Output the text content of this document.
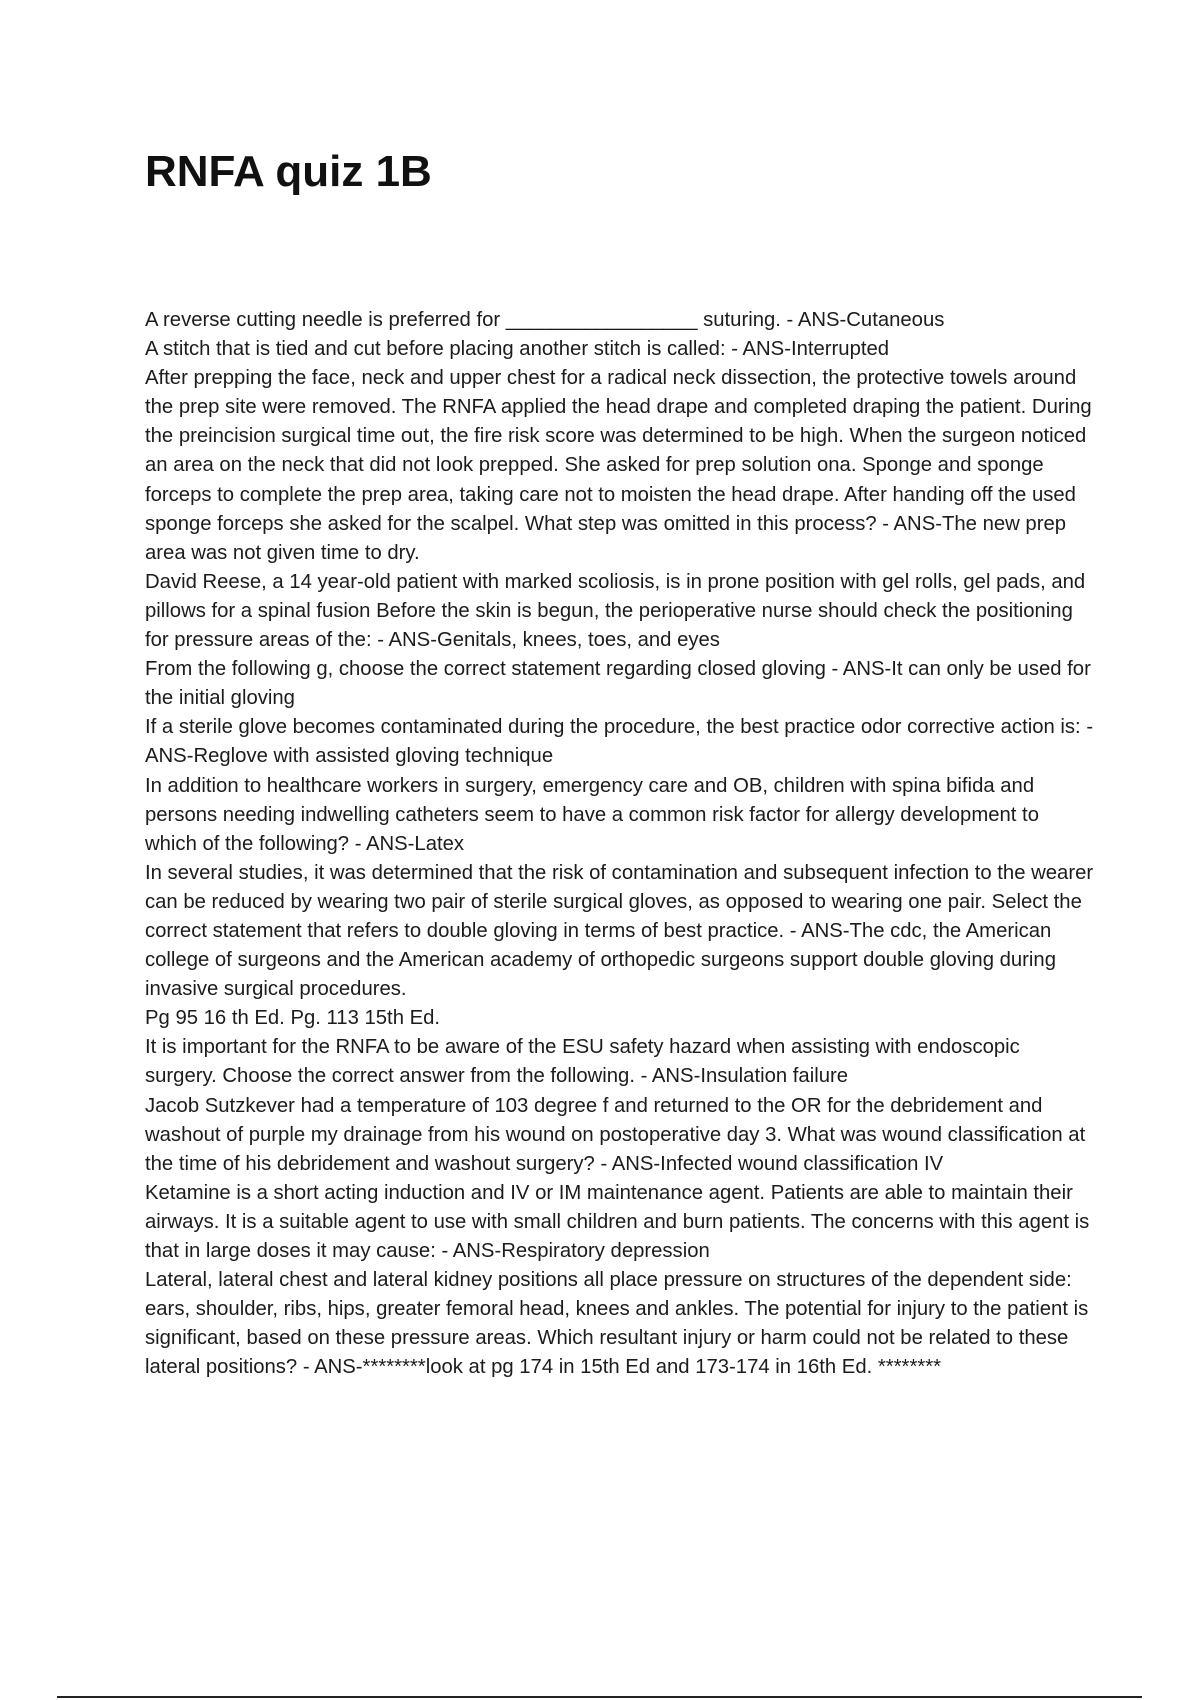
RNFA quiz 1B

A reverse cutting needle is preferred for _________________ suturing. - ANS-Cutaneous

A stitch that is tied and cut before placing another stitch is called: - ANS-Interrupted

After prepping the face, neck and upper chest for a radical neck dissection, the protective towels around the prep site were removed. The RNFA applied the head drape and completed draping the patient. During the preincision surgical time out, the fire risk score was determined to be high. When the surgeon noticed an area on the neck that did not look prepped. She asked for prep solution ona. Sponge and sponge forceps to complete the prep area, taking care not to moisten the head drape. After handing off the used sponge forceps she asked for the scalpel. What step was omitted in this process? - ANS-The new prep area was not given time to dry.

David Reese, a 14 year-old patient with marked scoliosis, is in prone position with gel rolls, gel pads, and pillows for a spinal fusion Before the skin is begun, the perioperative nurse should check the positioning for pressure areas of the: - ANS-Genitals, knees, toes, and eyes

From the following g, choose the correct statement regarding closed gloving - ANS-It can only be used for the initial gloving

If a sterile glove becomes contaminated during the procedure, the best practice odor corrective action is: - ANS-Reglove with assisted gloving technique

In addition to healthcare workers in surgery, emergency care and OB, children with spina bifida and persons needing indwelling catheters seem to have a common risk factor for allergy development to which of the following? - ANS-Latex

In several studies, it was determined that the risk of contamination and subsequent infection to the wearer can be reduced by wearing two pair of sterile surgical gloves, as opposed to wearing one pair. Select the correct statement that refers to double gloving in terms of best practice. - ANS-The cdc, the American college of surgeons and the American academy of orthopedic surgeons support double gloving during invasive surgical procedures.

Pg 95 16 th Ed. Pg. 113 15th Ed.

It is important for the RNFA to be aware of the ESU safety hazard when assisting with endoscopic surgery. Choose the correct answer from the following. - ANS-Insulation failure

Jacob Sutzkever had a temperature of 103 degree f and returned to the OR for the debridement and washout of purple my drainage from his wound on postoperative day 3. What was wound classification at the time of his debridement and washout surgery? - ANS-Infected wound classification IV

Ketamine is a short acting induction and IV or IM maintenance agent. Patients are able to maintain their airways. It is a suitable agent to use with small children and burn patients. The concerns with this agent is that in large doses it may cause: - ANS-Respiratory depression

Lateral, lateral chest and lateral kidney positions all place pressure on structures of the dependent side: ears, shoulder, ribs, hips, greater femoral head, knees and ankles. The potential for injury to the patient is significant, based on these pressure areas. Which resultant injury or harm could not be related to these lateral positions? - ANS-********look at pg 174 in 15th Ed and 173-174 in 16th Ed. ********
